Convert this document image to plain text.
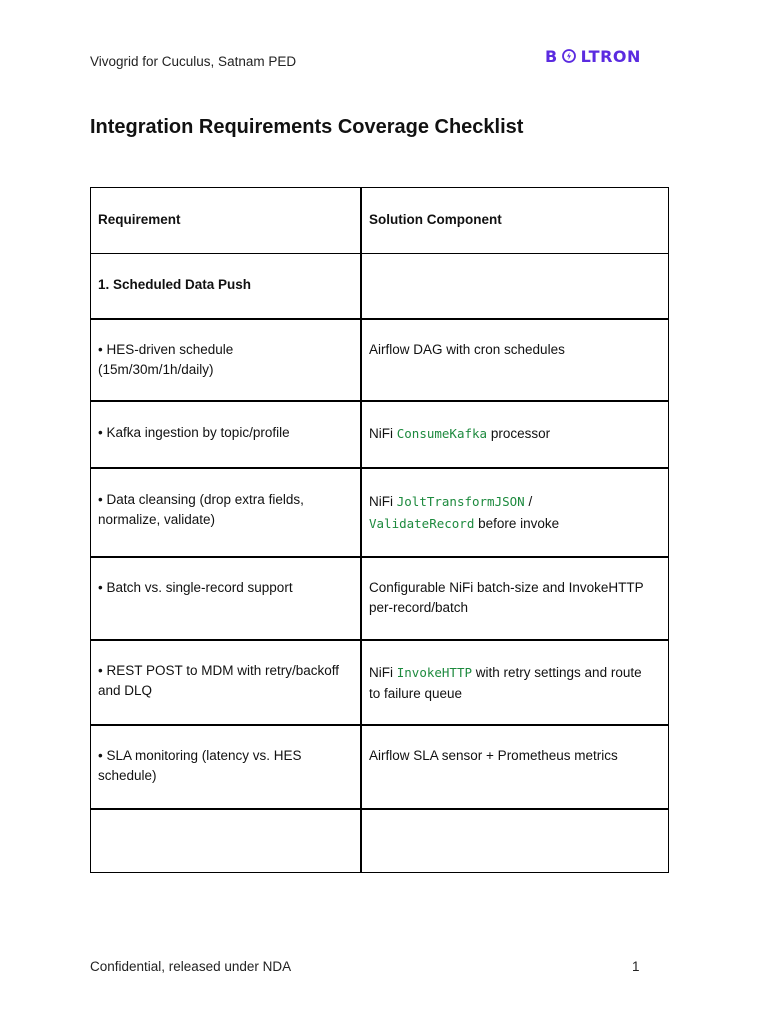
Vivogrid for Cuculus, Satnam PED	B LTRON
Integration Requirements Coverage Checklist
Requirement	Solution Component
1. Scheduled Data Push	
• HES-driven schedule
(15m/30m/1h/daily)	Airflow DAG with cron schedules
• Kafka ingestion by topic/profile	NiFi ConsumeKafka processor
• Data cleansing (drop extra fields,
normalize, validate)	NiFi JoltTransformJSON /
ValidateRecord before invoke
• Batch vs. single-record support	Configurable NiFi batch-size and InvokeHTTP
per-record/batch
• REST POST to MDM with retry/backoff
and DLQ	NiFi InvokeHTTP with retry settings and route
to failure queue
• SLA monitoring (latency vs. HES
schedule)	Airflow SLA sensor + Prometheus metrics

Confidential, released under NDA	1
